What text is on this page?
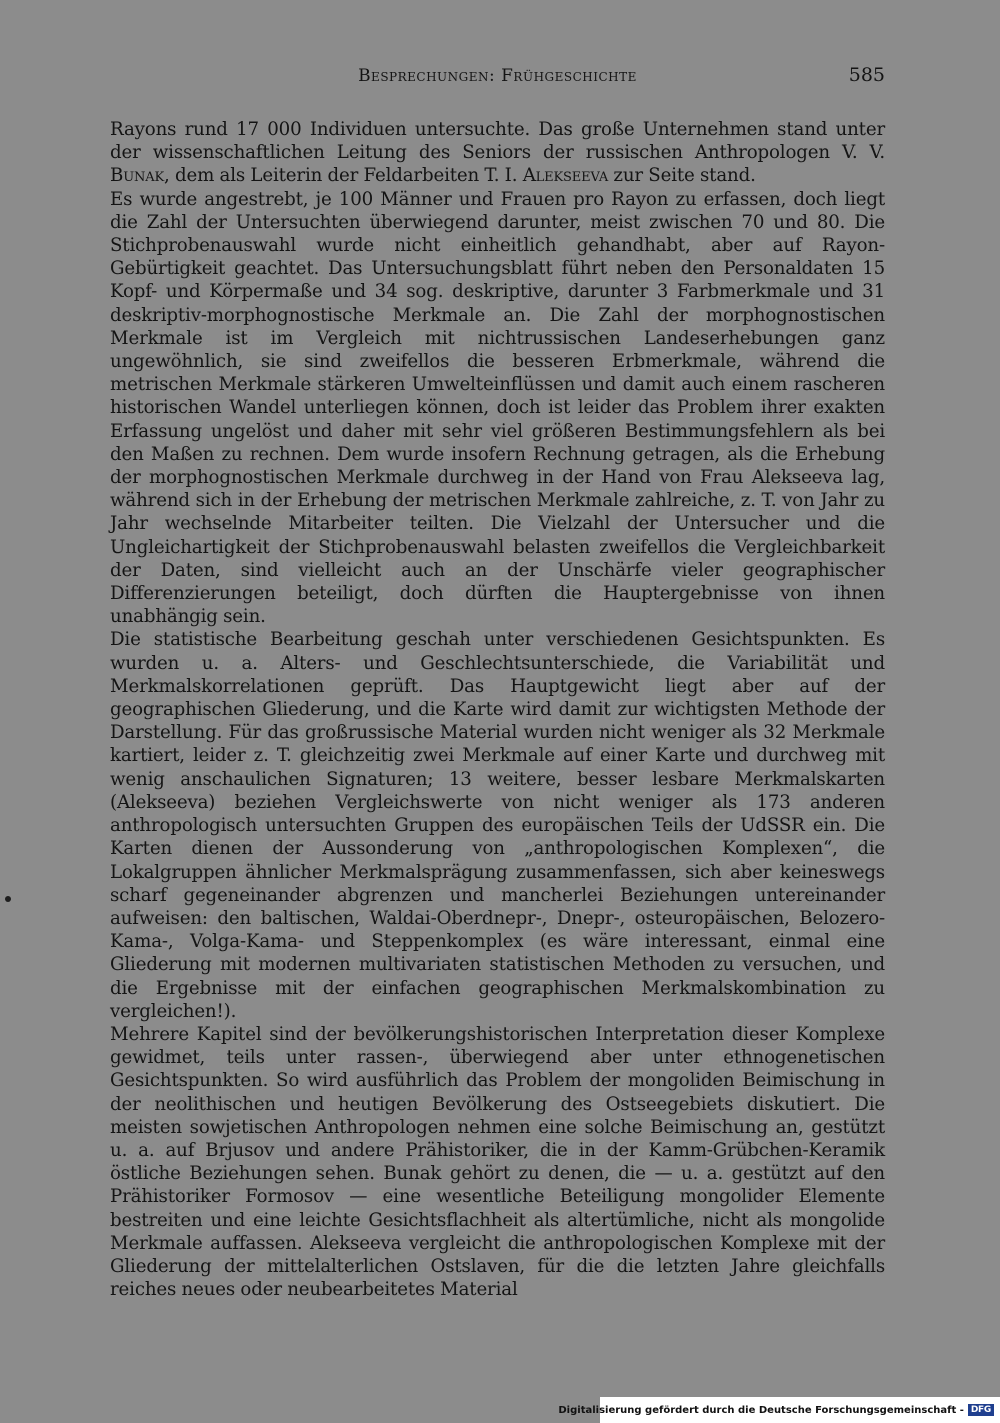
Besprechungen: Frühgeschichte	585

Rayons rund 17 000 Individuen untersuchte. Das große Unternehmen stand unter der wissenschaftlichen Leitung des Seniors der russischen Anthropologen V. V. Bunak, dem als Leiterin der Feldarbeiten T. I. Alekseeva zur Seite stand.

Es wurde angestrebt, je 100 Männer und Frauen pro Rayon zu erfassen, doch liegt die Zahl der Untersuchten überwiegend darunter, meist zwischen 70 und 80. Die Stichprobenauswahl wurde nicht einheitlich gehandhabt, aber auf Rayon-Gebürtigkeit geachtet. Das Untersuchungsblatt führt neben den Personaldaten 15 Kopf- und Körpermaße und 34 sog. deskriptive, darunter 3 Farbmerkmale und 31 deskriptiv-morphognostische Merkmale an. Die Zahl der morphognostischen Merkmale ist im Vergleich mit nichtrussischen Landeserhebungen ganz ungewöhnlich, sie sind zweifellos die besseren Erbmerkmale, während die metrischen Merkmale stärkeren Umwelteinflüssen und damit auch einem rascheren historischen Wandel unterliegen können, doch ist leider das Problem ihrer exakten Erfassung ungelöst und daher mit sehr viel größeren Bestimmungsfehlern als bei den Maßen zu rechnen. Dem wurde insofern Rechnung getragen, als die Erhebung der morphognostischen Merkmale durchweg in der Hand von Frau Alekseeva lag, während sich in der Erhebung der metrischen Merkmale zahlreiche, z. T. von Jahr zu Jahr wechselnde Mitarbeiter teilten. Die Vielzahl der Untersucher und die Ungleichartigkeit der Stichprobenauswahl belasten zweifellos die Vergleichbarkeit der Daten, sind vielleicht auch an der Unschärfe vieler geographischer Differenzierungen beteiligt, doch dürften die Hauptergebnisse von ihnen unabhängig sein.

Die statistische Bearbeitung geschah unter verschiedenen Gesichtspunkten. Es wurden u. a. Alters- und Geschlechtsunterschiede, die Variabilität und Merkmalskorrelationen geprüft. Das Hauptgewicht liegt aber auf der geographischen Gliederung, und die Karte wird damit zur wichtigsten Methode der Darstellung. Für das großrussische Material wurden nicht weniger als 32 Merkmale kartiert, leider z. T. gleichzeitig zwei Merkmale auf einer Karte und durchweg mit wenig anschaulichen Signaturen; 13 weitere, besser lesbare Merkmalskarten (Alekseeva) beziehen Vergleichswerte von nicht weniger als 173 anderen anthropologisch untersuchten Gruppen des europäischen Teils der UdSSR ein. Die Karten dienen der Aussonderung von „anthropologischen Komplexen“, die Lokalgruppen ähnlicher Merkmalsprägung zusammenfassen, sich aber keineswegs scharf gegeneinander abgrenzen und mancherlei Beziehungen untereinander aufweisen: den baltischen, Waldai-Oberdnepr-, Dnepr-, osteuropäischen, Belozero-Kama-, Volga-Kama- und Steppenkomplex (es wäre interessant, einmal eine Gliederung mit modernen multivariaten statistischen Methoden zu versuchen, und die Ergebnisse mit der einfachen geographischen Merkmalskombination zu vergleichen!).

Mehrere Kapitel sind der bevölkerungshistorischen Interpretation dieser Komplexe gewidmet, teils unter rassen-, überwiegend aber unter ethnogenetischen Gesichtspunkten. So wird ausführlich das Problem der mongoliden Beimischung in der neolithischen und heutigen Bevölkerung des Ostseegebiets diskutiert. Die meisten sowjetischen Anthropologen nehmen eine solche Beimischung an, gestützt u. a. auf Brjusov und andere Prähistoriker, die in der Kamm-Grübchen-Keramik östliche Beziehungen sehen. Bunak gehört zu denen, die — u. a. gestützt auf den Prähistoriker Formosov — eine wesentliche Beteiligung mongolider Elemente bestreiten und eine leichte Gesichtsflachheit als altertümliche, nicht als mongolide Merkmale auffassen. Alekseeva vergleicht die anthropologischen Komplexe mit der Gliederung der mittelalterlichen Ostslaven, für die die letzten Jahre gleichfalls reiches neues oder neubearbeitetes Material

Digitalisierung gefördert durch die Deutsche Forschungsgemeinschaft - DFG
